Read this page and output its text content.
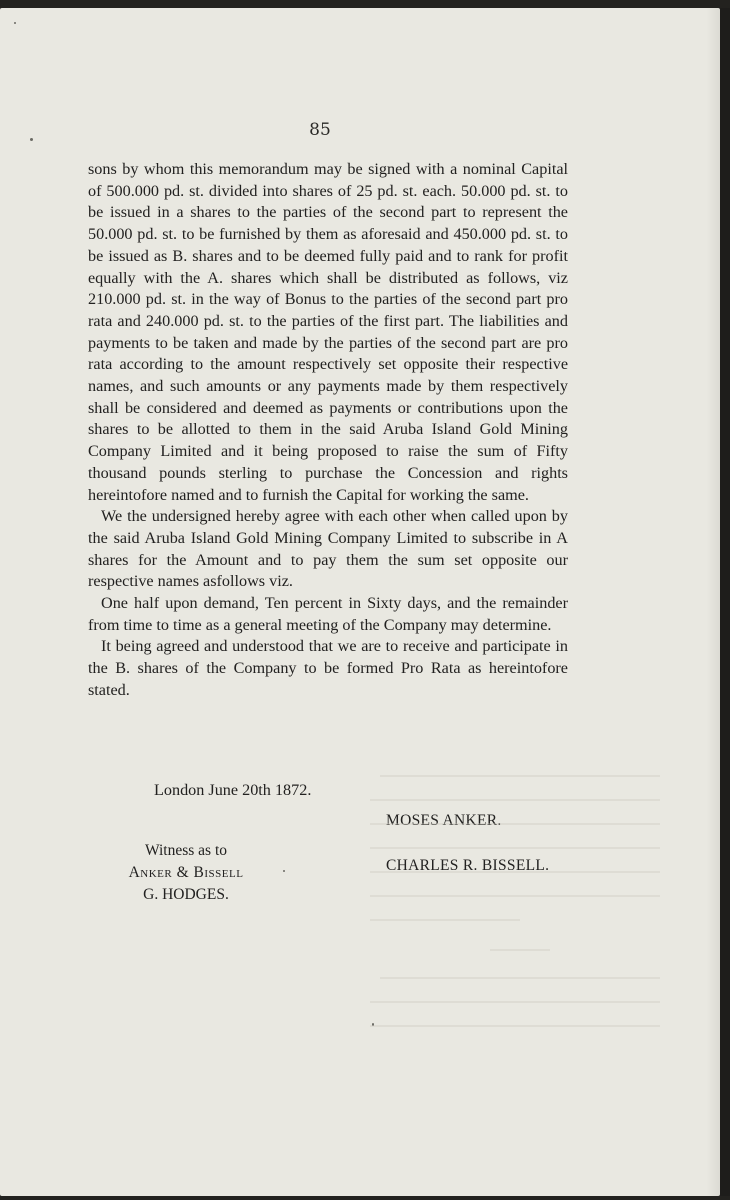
85

sons by whom this memorandum may be signed with a nominal Capital of 500.000 pd. st. divided into shares of 25 pd. st. each. 50.000 pd. st. to be issued in a shares to the parties of the second part to represent the 50.000 pd. st. to be furnished by them as aforesaid and 450.000 pd. st. to be issued as B. shares and to be deemed fully paid and to rank for profit equally with the A. shares which shall be distributed as follows, viz 210.000 pd. st. in the way of Bonus to the parties of the second part pro rata and 240.000 pd. st. to the parties of the first part. The liabilities and payments to be taken and made by the parties of the second part are pro rata according to the amount respectively set opposite their respective names, and such amounts or any payments made by them respectively shall be considered and deemed as payments or contributions upon the shares to be allotted to them in the said Aruba Island Gold Mining Company Limited and it being proposed to raise the sum of Fifty thousand pounds sterling to purchase the Concession and rights hereintofore named and to furnish the Capital for working the same.

We the undersigned hereby agree with each other when called upon by the said Aruba Island Gold Mining Company Limited to subscribe in A shares for the Amount and to pay them the sum set opposite our respective names asfollows viz.

One half upon demand, Ten percent in Sixty days, and the remainder from time to time as a general meeting of the Company may determine.

It being agreed and understood that we are to receive and participate in the B. shares of the Company to be formed Pro Rata as hereintofore stated.

London June 20th 1872.
MOSES ANKER.
CHARLES R. BISSELL.
Witness as to
Anker & Bissell
G. HODGES.
